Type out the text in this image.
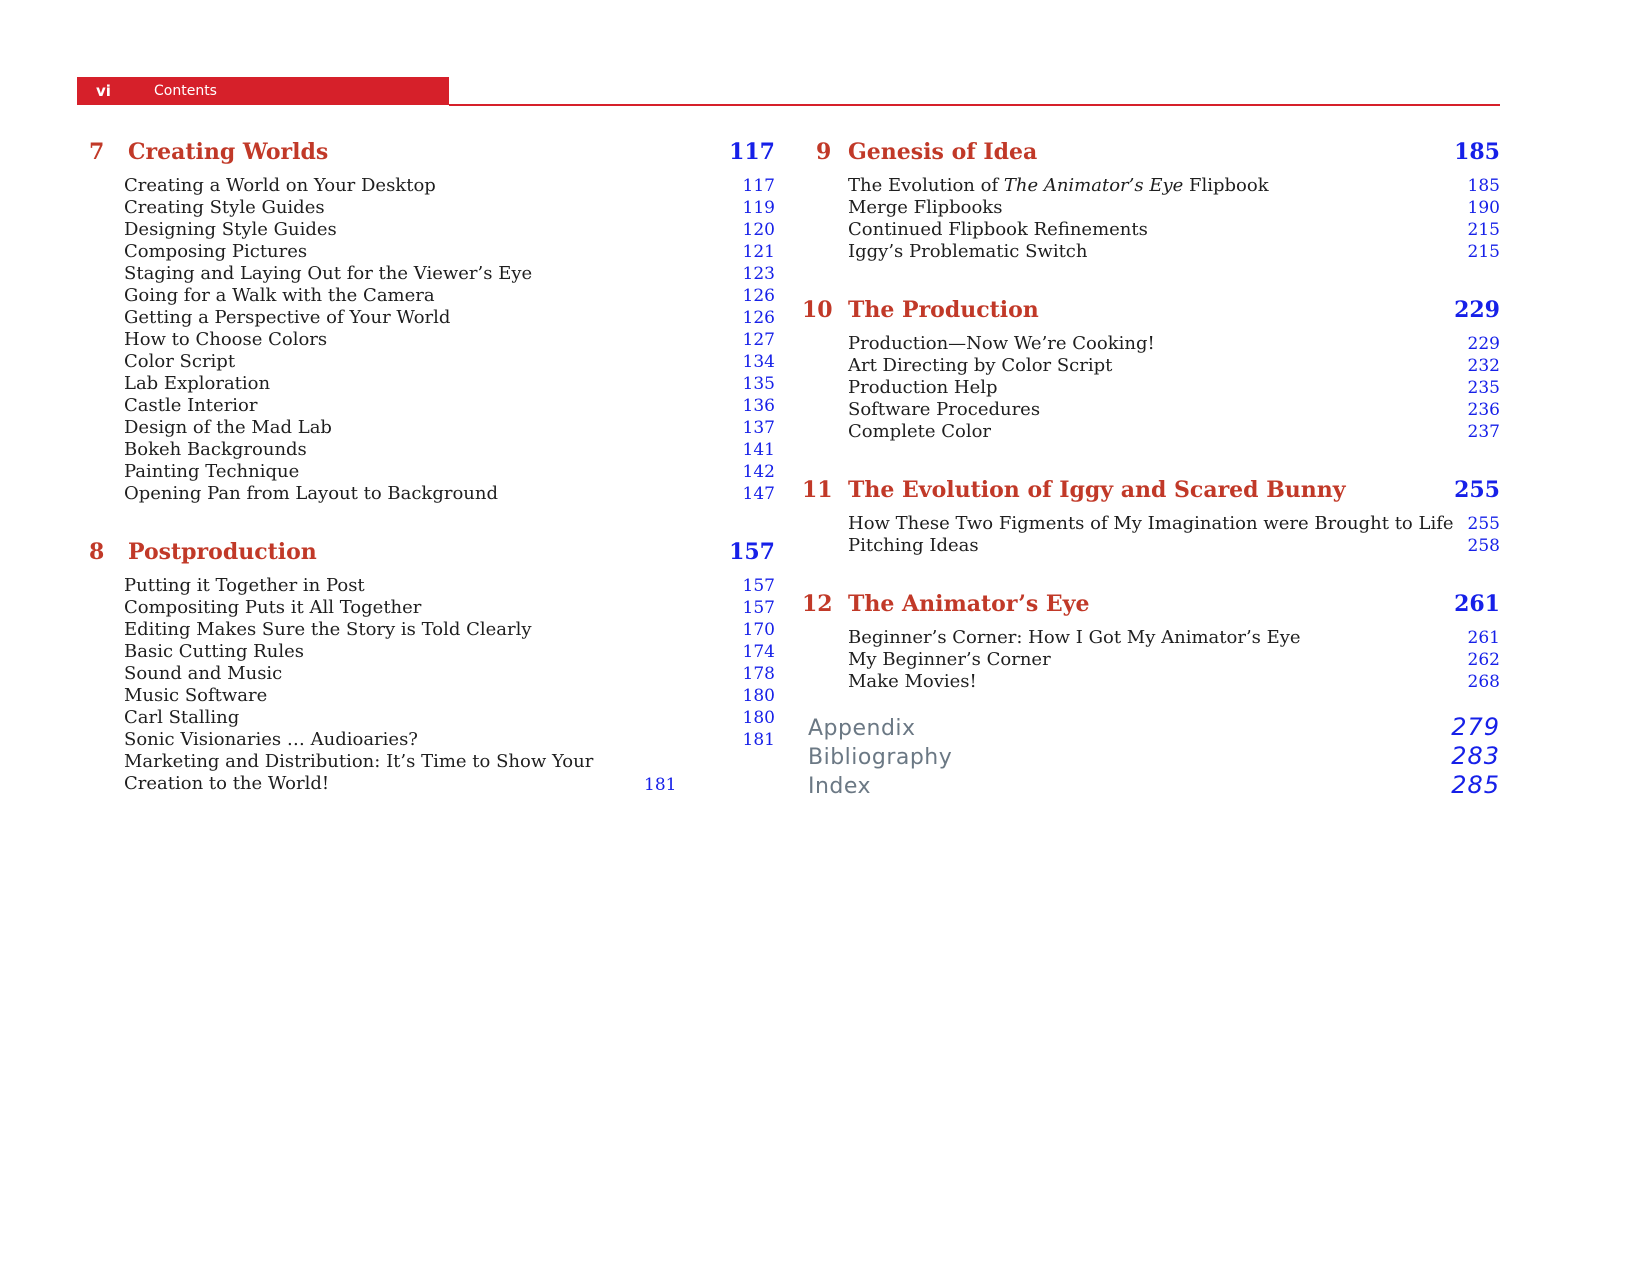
vi	Contents
7	Creating Worlds	117
Creating a World on Your Desktop	117
Creating Style Guides	119
Designing Style Guides	120
Composing Pictures	121
Staging and Laying Out for the Viewer’s Eye	123
Going for a Walk with the Camera	126
Getting a Perspective of Your World	126
How to Choose Colors	127
Color Script	134
Lab Exploration	135
Castle Interior	136
Design of the Mad Lab	137
Bokeh Backgrounds	141
Painting Technique	142
Opening Pan from Layout to Background	147
8	Postproduction	157
Putting it Together in Post	157
Compositing Puts it All Together	157
Editing Makes Sure the Story is Told Clearly	170
Basic Cutting Rules	174
Sound and Music	178
Music Software	180
Carl Stalling	180
Sonic Visionaries … Audioaries?	181
Marketing and Distribution: It’s Time to Show Your Creation to the World!	181
9 Genesis of Idea	185
The Evolution of The Animator’s Eye Flipbook	185
Merge Flipbooks	190
Continued Flipbook Refinements	215
Iggy’s Problematic Switch	215
10 The Production	229
Production—Now We’re Cooking!	229
Art Directing by Color Script	232
Production Help	235
Software Procedures	236
Complete Color	237
11 The Evolution of Iggy and Scared Bunny	255
How These Two Figments of My Imagination were Brought to Life 255
Pitching Ideas	258
12 The Animator’s Eye	261
Beginner’s Corner: How I Got My Animator’s Eye	261
My Beginner’s Corner	262
Make Movies!	268
Appendix	279
Bibliography	283
Index	285
